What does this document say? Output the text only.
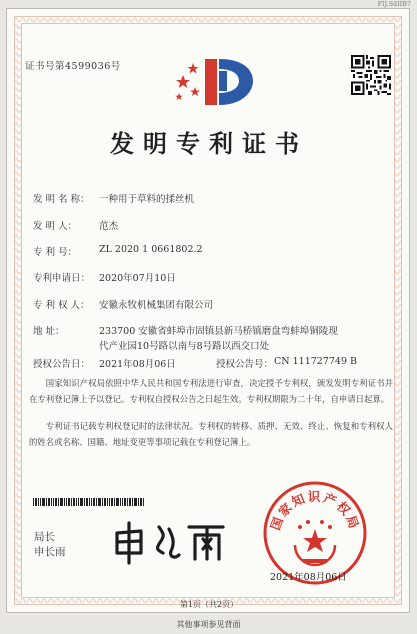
FIJ.SdIIB7
证书号第4599036号
发明专利证书
发 明 名 称： 一种用于草料的揉丝机
发 明 人： 范杰
专 利 号： ZL 2020 1 0661802.2
专利申请日： 2020年07月10日
专 利 权 人： 安徽永牧机械集团有限公司
地 址：	233700 安徽省蚌埠市固镇县新马桥镇磨盘弯蚌埠铜陵现
代产业园10号路以南与8号路以西交口处
授权公告日： 2021年08月06日	授权公告号： CN 111727749 B
国家知识产权局依照中华人民共和国专利法进行审查，决定授予专利权，颁发发明专利证书并在专利登记簿上予以登记。专利权自授权公告之日起生效。专利权期限为二十年，自申请日起算。
专利证书记载专利权登记时的法律状况。专利权的转移、质押、无效、终止、恢复和专利权人的姓名或名称、国籍、地址变更等事项记载在专利登记簿上。
局长
申长雨
国家知识产权局
2021年08月06日
第1页（共2页）
其他事项参见背面
